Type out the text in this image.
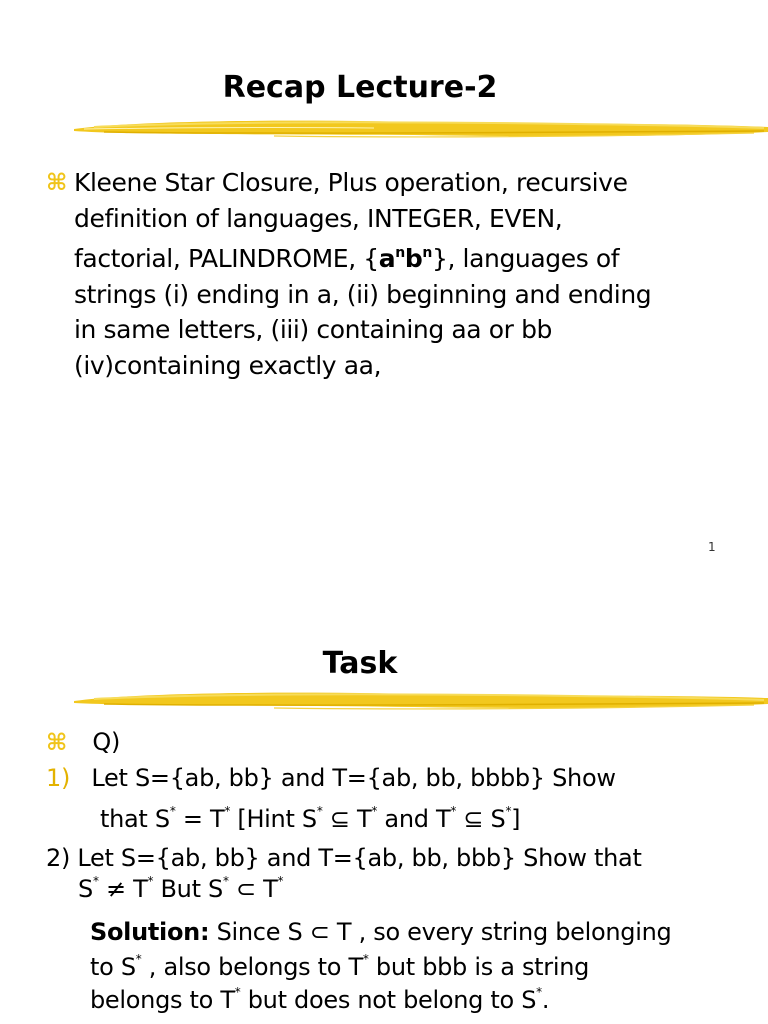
Recap Lecture-2
⌘ Kleene Star Closure, Plus operation, recursive
definition of languages, INTEGER, EVEN,
factorial, PALINDROME, $\{a^nb^n\}$, languages of
strings (i) ending in a, (ii) beginning and ending
in same letters, (iii) containing aa or bb
(iv)containing exactly aa,
1
Task
⌘ Q)
1) Let S={ab, bb} and T={ab, bb, bbbb} Show
that S* = T* [Hint S* ⊆ T* and T* ⊆ S*]
2) Let S={ab, bb} and T={ab, bb, bbb} Show that
S* ≠ T* But S* ⊂ T*
Solution: Since S ⊂ T , so every string belonging
to S* , also belongs to T* but bbb is a string
belongs to T* but does not belong to S*.
